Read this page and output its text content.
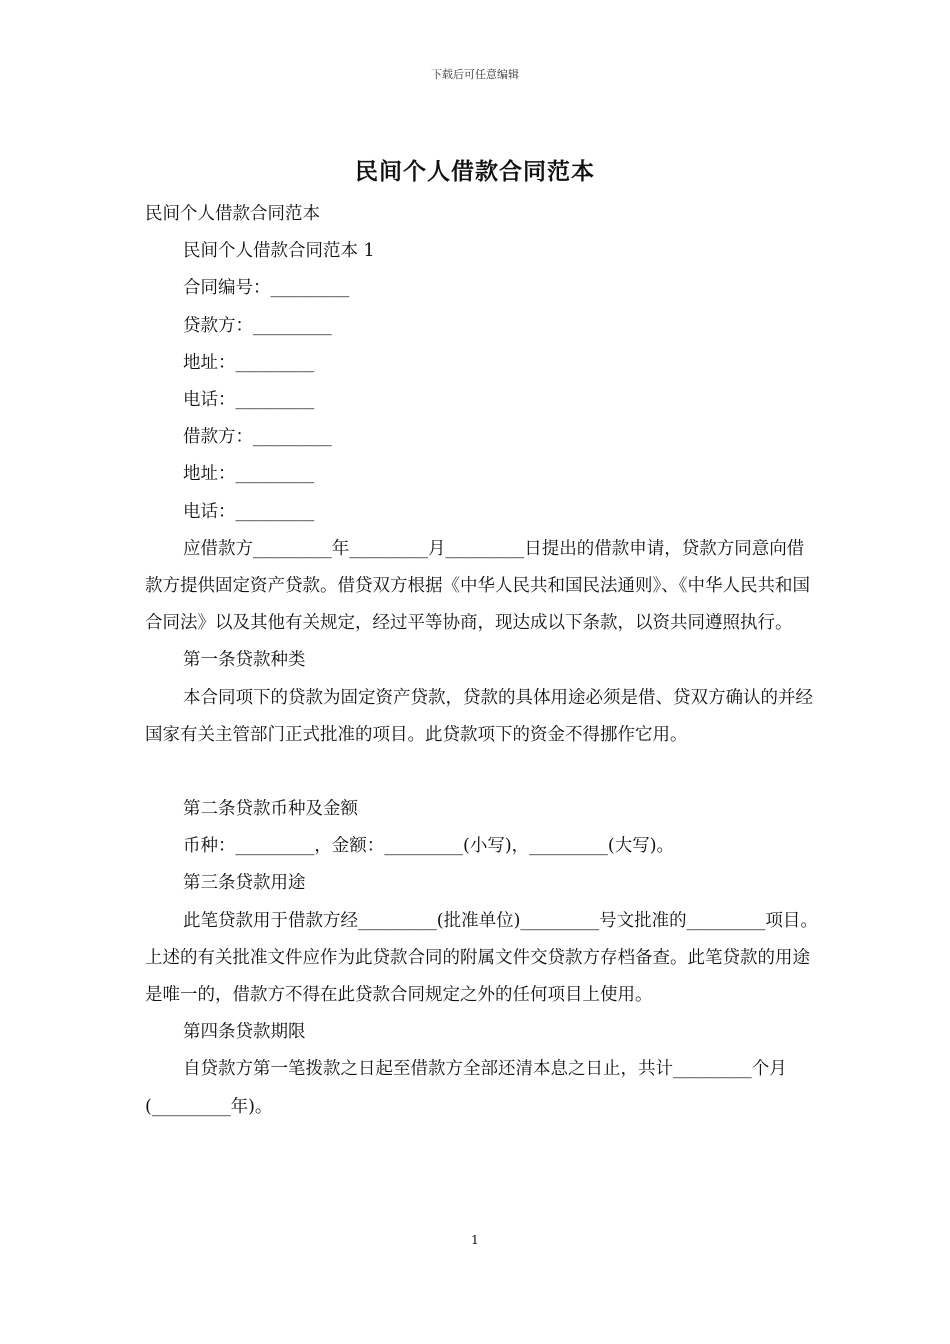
下载后可任意编辑
民间个人借款合同范本

民间个人借款合同范本

民间个人借款合同范本 1

合同编号：_________

贷款方：_________

地址：_________

电话：_________

借款方：_________

地址：_________

电话：_________

应借款方_________年_________月_________日提出的借款申请，贷款方同意向借款方提供固定资产贷款。借贷双方根据《中华人民共和国民法通则》、《中华人民共和国合同法》以及其他有关规定，经过平等协商，现达成以下条款，以资共同遵照执行。

第一条贷款种类

本合同项下的贷款为固定资产贷款，贷款的具体用途必须是借、贷双方确认的并经国家有关主管部门正式批准的项目。此贷款项下的资金不得挪作它用。

第二条贷款币种及金额

币种：_________，金额：_________(小写)，_________(大写)。

第三条贷款用途

此笔贷款用于借款方经_________(批准单位)_________号文批准的_________项目。上述的有关批准文件应作为此贷款合同的附属文件交贷款方存档备查。此笔贷款的用途是唯一的，借款方不得在此贷款合同规定之外的任何项目上使用。

第四条贷款期限

自贷款方第一笔拨款之日起至借款方全部还清本息之日止，共计_________个月(_________年)。

1
